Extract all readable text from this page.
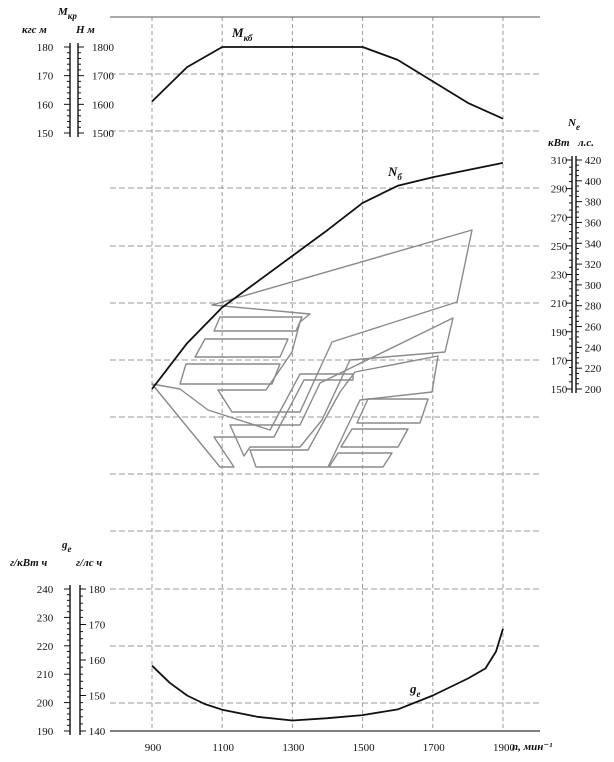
$M_{кб}$
$N_б$
$g_e$
900	1100	1300	1500	1700	1900
n, мин⁻¹
1500
1600
1700
1800
150
160
170
180
$M_{кр}$
кгс м	Н м
150
170
190
210
230
250
270
290
310
200
220
240
260
280
300
320
340
360
380
400
420
$N_е$
кВт л.с.
190
200
210
220
230
240
140
150
160
170
180
$g_е$
г/кВт ч	г/лс ч
